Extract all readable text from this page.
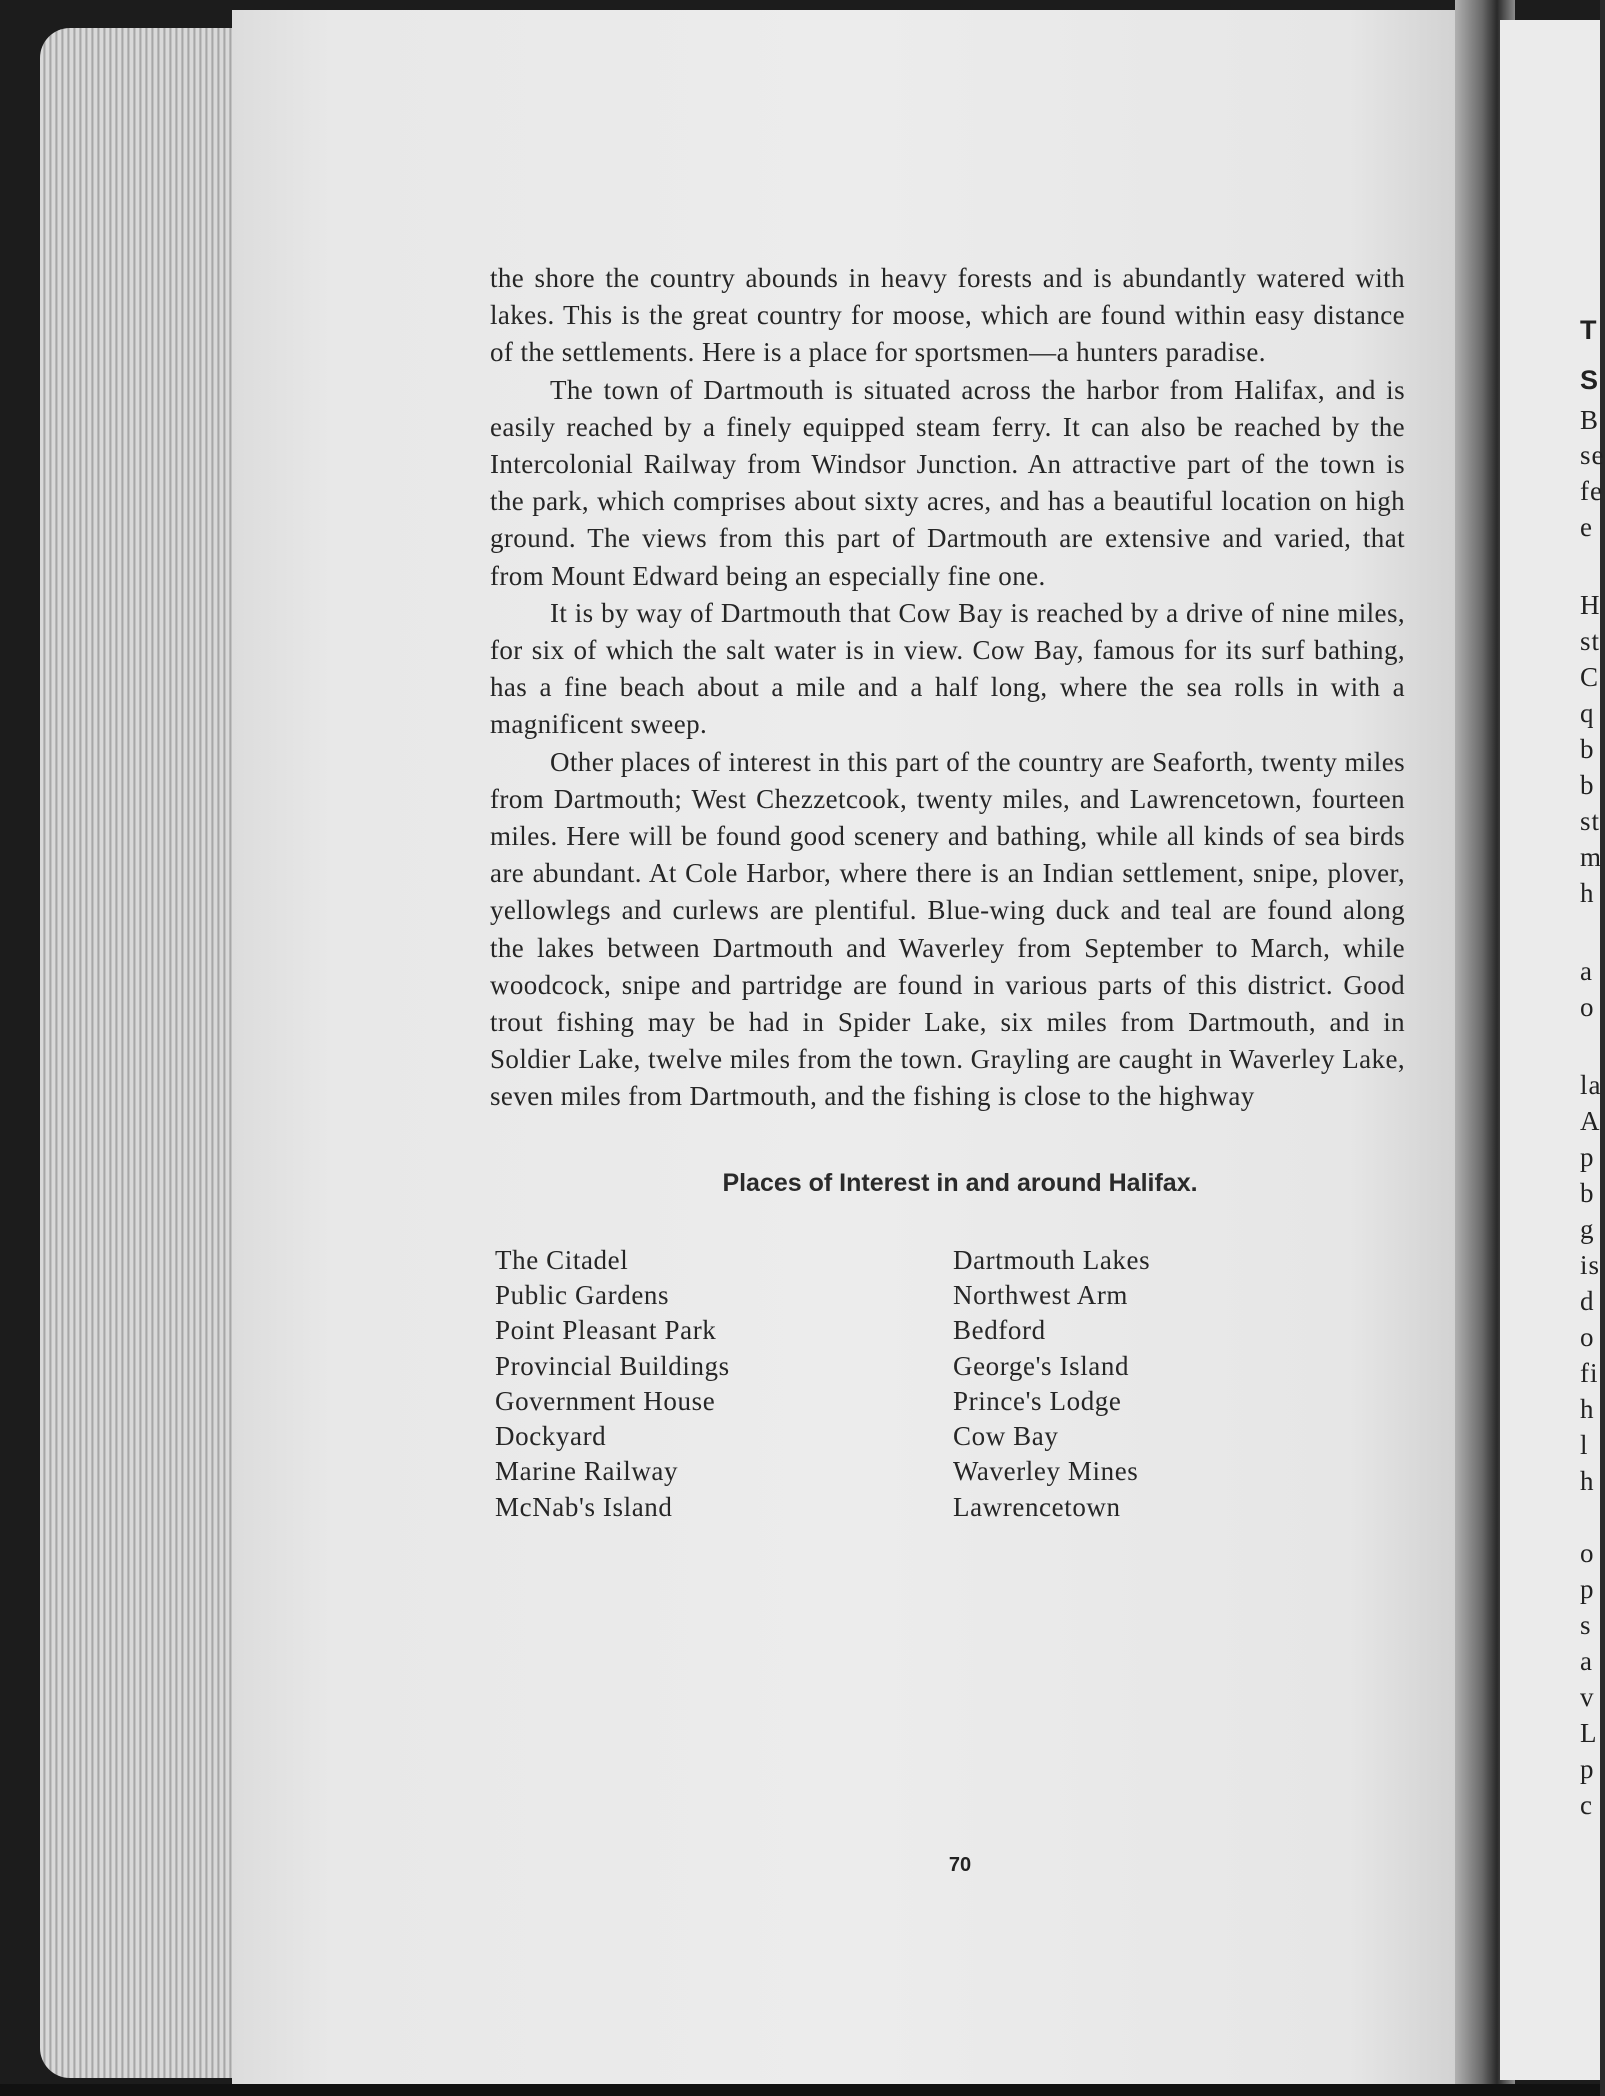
T
S
B
se
fe
e
H
st
C
q
b
b
st
m
h
a
o
la
A
p
b
g
is
d
o
fi
h
l
h
o
p
s
a
v
L
p
c

the shore the country abounds in heavy forests and is abundantly watered with lakes. This is the great country for moose, which are found within easy distance of the settlements. Here is a place for sportsmen—a hunters paradise.

The town of Dartmouth is situated across the harbor from Halifax, and is easily reached by a finely equipped steam ferry. It can also be reached by the Intercolonial Railway from Windsor Junction. An attractive part of the town is the park, which comprises about sixty acres, and has a beautiful location on high ground. The views from this part of Dartmouth are extensive and varied, that from Mount Edward being an especially fine one.

It is by way of Dartmouth that Cow Bay is reached by a drive of nine miles, for six of which the salt water is in view. Cow Bay, famous for its surf bathing, has a fine beach about a mile and a half long, where the sea rolls in with a magnificent sweep.

Other places of interest in this part of the country are Seaforth, twenty miles from Dartmouth; West Chezzetcook, twenty miles, and Lawrencetown, fourteen miles. Here will be found good scenery and bathing, while all kinds of sea birds are abundant. At Cole Harbor, where there is an Indian settlement, snipe, plover, yellowlegs and curlews are plentiful. Blue-wing duck and teal are found along the lakes between Dartmouth and Waverley from September to March, while woodcock, snipe and partridge are found in various parts of this district. Good trout fishing may be had in Spider Lake, six miles from Dartmouth, and in Soldier Lake, twelve miles from the town. Grayling are caught in Waverley Lake, seven miles from Dartmouth, and the fishing is close to the highway

Places of Interest in and around Halifax.
The Citadel
Public Gardens
Point Pleasant Park
Provincial Buildings
Government House
Dockyard
Marine Railway
McNab's Island
Dartmouth Lakes
Northwest Arm
Bedford
George's Island
Prince's Lodge
Cow Bay
Waverley Mines
Lawrencetown
70
